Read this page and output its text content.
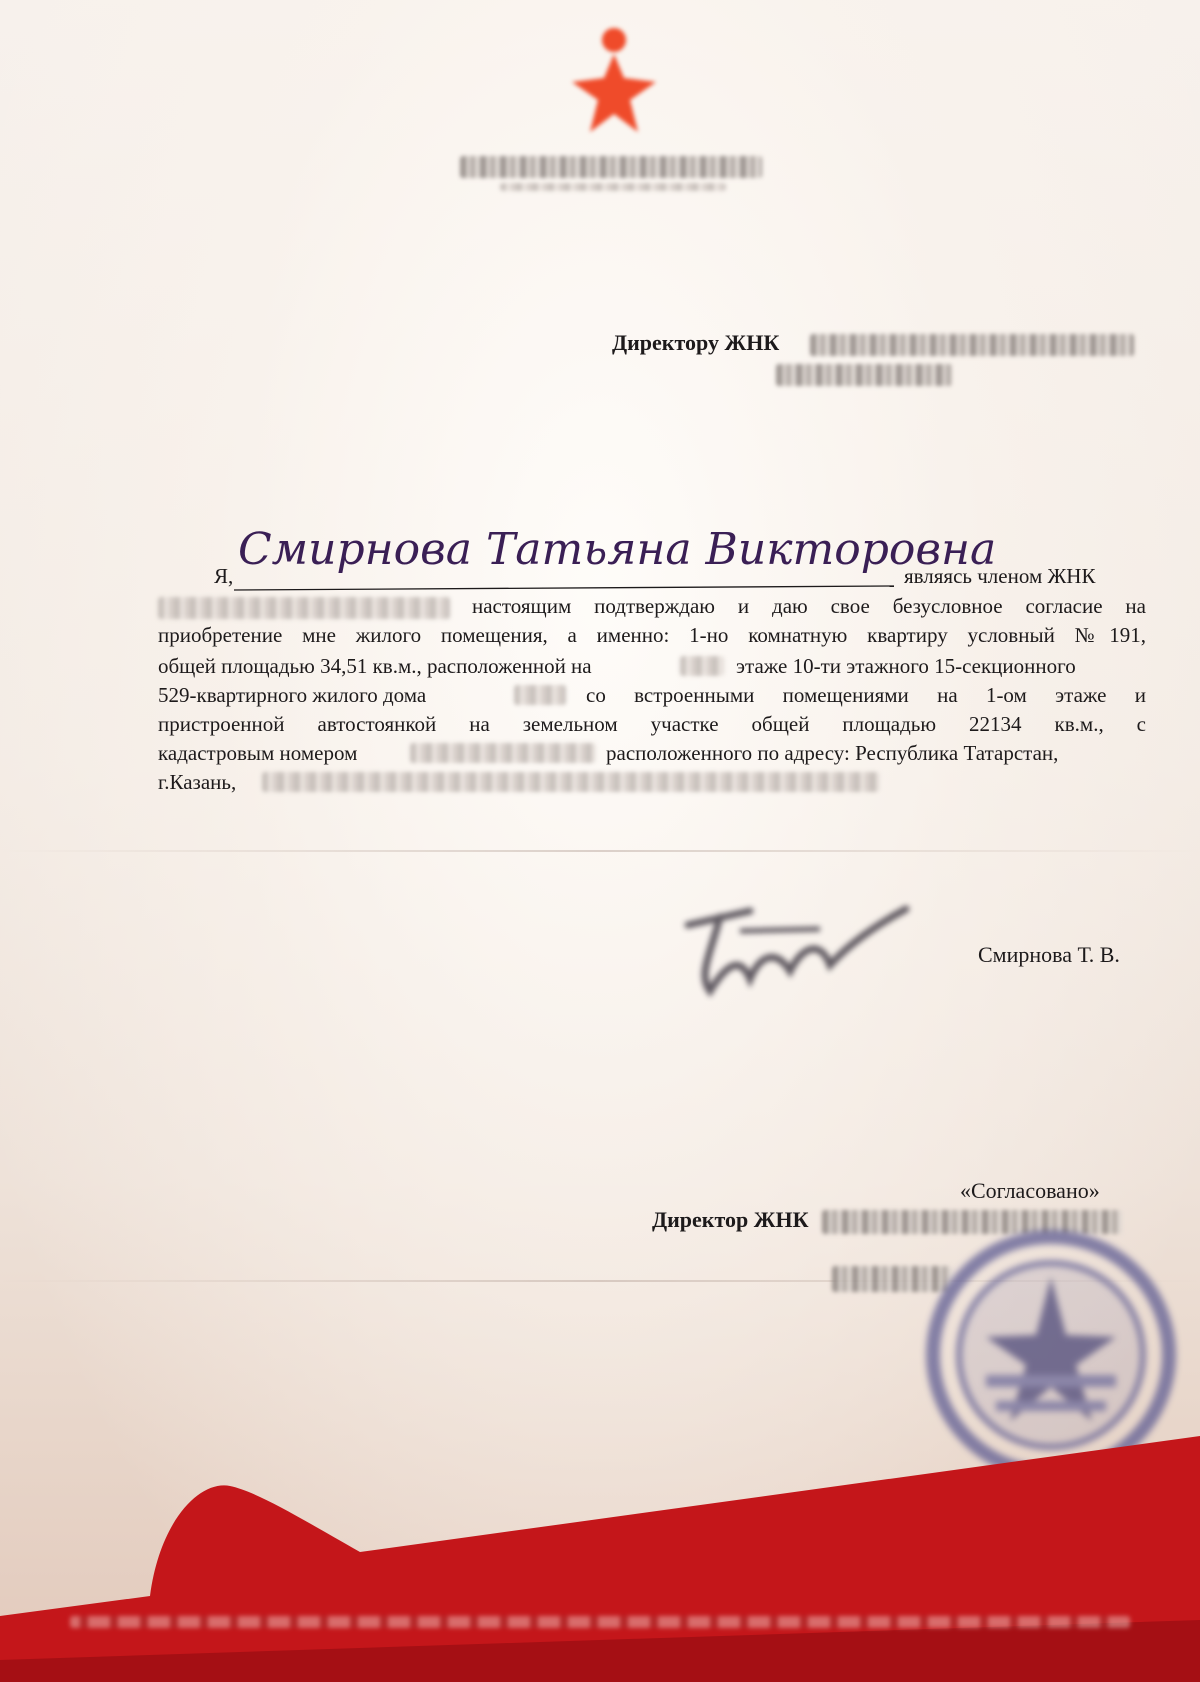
Директору ЖНК
Я,
Смирнова Татьяна Викторовна
являясь членом ЖНК
настоящим подтверждаю и даю свое безусловное согласие на
приобретение мне жилого помещения, а именно: 1-но комнатную квартиру условный №191,
общей площадью 34,51 кв.м., расположенной на	этаже 10-ти этажного 15-секционного
529-квартирного жилого дома	со встроенными помещениями на 1-ом этаже и
пристроенной автостоянкой на земельном участке общей площадью 22134 кв.м., с
кадастровым номером	расположенного по адресу: Республика Татарстан,
г.Казань,
Смирнова Т. В.
«Согласовано»
Директор ЖНК
